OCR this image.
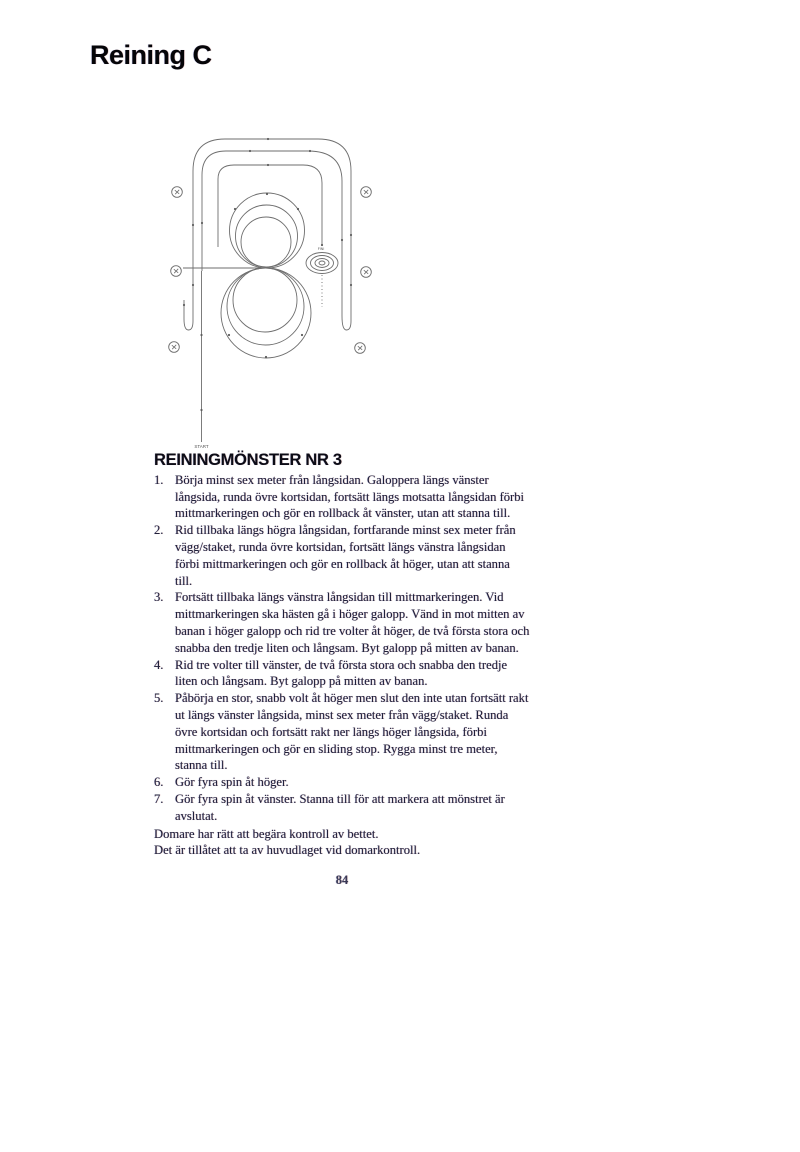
Reining C
START
FINI
REININGMÖNSTER NR 3
1. Börja minst sex meter från långsidan. Galoppera längs vänster långsida, runda övre kortsidan, fortsätt längs motsatta långsidan förbi mittmarkeringen och gör en rollback åt vänster, utan att stanna till.
2. Rid tillbaka längs högra långsidan, fortfarande minst sex meter från vägg/staket, runda övre kortsidan, fortsätt längs vänstra långsidan förbi mittmarkeringen och gör en rollback åt höger, utan att stanna till.
3. Fortsätt tillbaka längs vänstra långsidan till mittmarkeringen. Vid mittmarkeringen ska hästen gå i höger galopp. Vänd in mot mitten av banan i höger galopp och rid tre volter åt höger, de två första stora och snabba den tredje liten och långsam. Byt galopp på mitten av banan.
4. Rid tre volter till vänster, de två första stora och snabba den tredje liten och långsam. Byt galopp på mitten av banan.
5. Påbörja en stor, snabb volt åt höger men slut den inte utan fortsätt rakt ut längs vänster långsida, minst sex meter från vägg/staket. Runda övre kortsidan och fortsätt rakt ner längs höger långsida, förbi mittmarkeringen och gör en sliding stop. Rygga minst tre meter, stanna till.
6. Gör fyra spin åt höger.
7. Gör fyra spin åt vänster. Stanna till för att markera att mönstret är avslutat.
Domare har rätt att begära kontroll av bettet.
Det är tillåtet att ta av huvudlaget vid domarkontroll.
84
